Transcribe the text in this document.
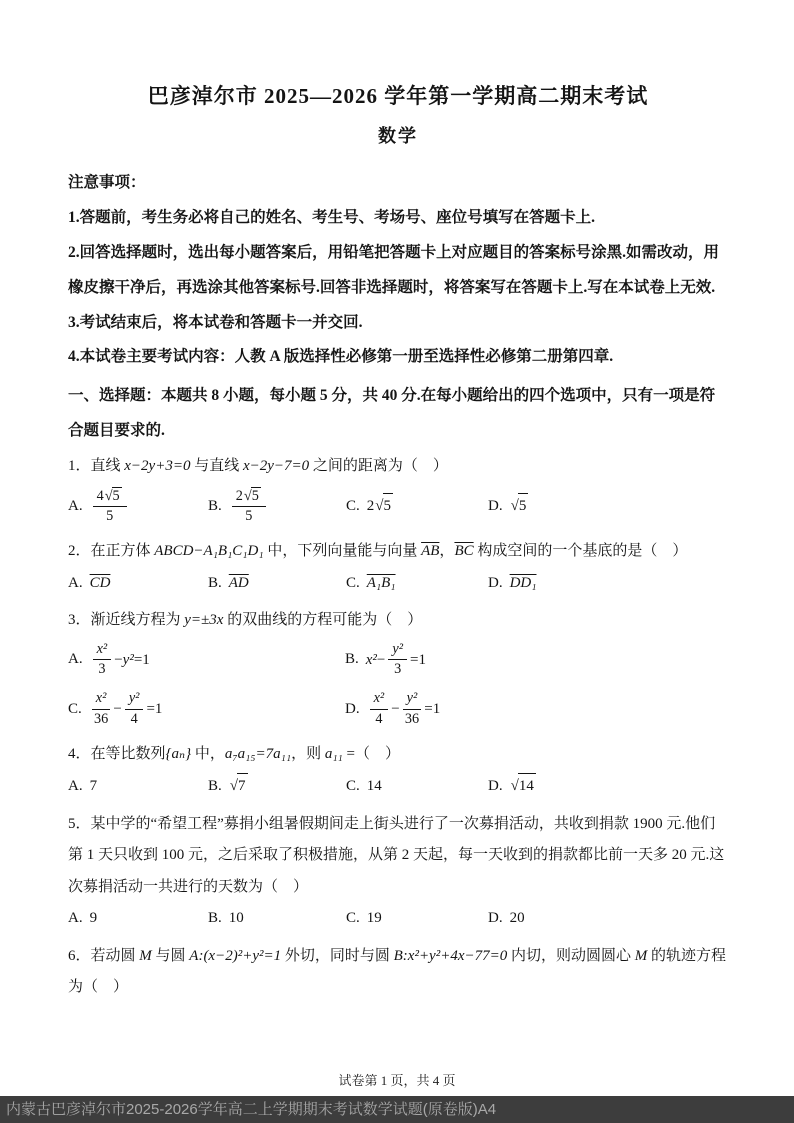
巴彦淖尔市 2025—2026 学年第一学期高二期末考试
数学

注意事项：

1.答题前，考生务必将自己的姓名、考生号、考场号、座位号填写在答题卡上.

2.回答选择题时，选出每小题答案后，用铅笔把答题卡上对应题目的答案标号涂黑.如需改动，用橡皮擦干净后，再选涂其他答案标号.回答非选择题时，将答案写在答题卡上.写在本试卷上无效.

3.考试结束后，将本试卷和答题卡一并交回.

4.本试卷主要考试内容：人教 A 版选择性必修第一册至选择性必修第二册第四章.

一、选择题：本题共 8 小题，每小题 5 分，共 40 分.在每小题给出的四个选项中，只有一项是符合题目要求的.

1．直线 x−2y+3=0 与直线 x−2y−7=0 之间的距离为（　）

A. $\frac{4√5}{5}$	B. $\frac{2√5}{5}$	C. 2√5	D. √5

2．在正方体 ABCD−A₁B₁C₁D₁ 中，下列向量能与向量 $\overline{AB}$，$\overline{BC}$ 构成空间的一个基底的是（　）

A. $\overline{CD}$	B. $\overline{AD}$	C. A₁B₁	D. DD₁

3．渐近线方程为 y=±3x 的双曲线的方程可能为（　）

A. $\frac{\text{x²}}{3} -y^2=1$	B. $x^2- \frac{\text{y²}}{3} =1$
C. $\frac{\text{x²}}{36} - \frac{\text{y²}}{4} =1$	D. $\frac{\text{x²}}{4} - \frac{\text{y²}}{36} =1$

4．在等比数列{aₙ} 中，a₇a₁₅=7a₁₁，则 a₁₁ =（　）

A. 7	B. √7	C. 14	D. √14

5．某中学的“希望工程”募捐小组暑假期间走上街头进行了一次募捐活动，共收到捐款 1900 元.他们第 1 天只收到 100 元，之后采取了积极措施，从第 2 天起，每一天收到的捐款都比前一天多 20 元.这次募捐活动一共进行的天数为（　）

A. 9	B. 10	C. 19	D. 20

6．若动圆 M 与圆 A:(x−2)²+y²=1 外切，同时与圆 B:x²+y²+4x−77=0 内切，则动圆圆心 M 的轨迹方程为（　）

试卷第 1 页，共 4 页
内蒙古巴彦淖尔市2025-2026学年高二上学期期末考试数学试题(原卷版)A4
